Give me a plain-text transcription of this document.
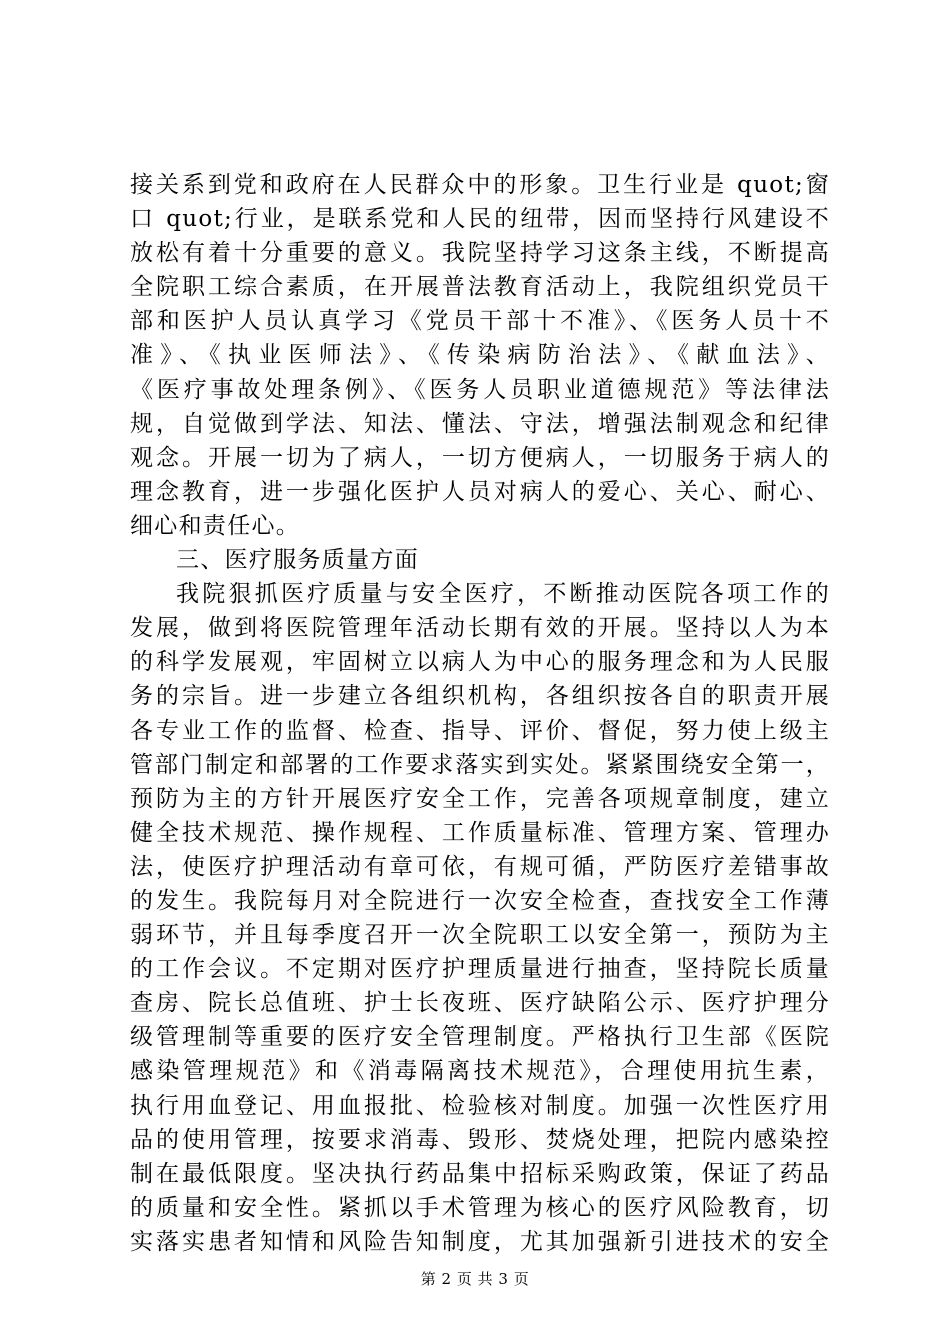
接关系到党和政府在人民群众中的形象。卫生行业是 quot;窗
口 quot;行业，是联系党和人民的纽带，因而坚持行风建设不
放松有着十分重要的意义。我院坚持学习这条主线，不断提高
全院职工综合素质，在开展普法教育活动上，我院组织党员干
部和医护人员认真学习《党员干部十不准》、《医务人员十不
准》、《执业医师法》、《传染病防治法》、《献血法》、
《医疗事故处理条例》、《医务人员职业道德规范》等法律法
规，自觉做到学法、知法、懂法、守法，增强法制观念和纪律
观念。开展一切为了病人，一切方便病人，一切服务于病人的
理念教育，进一步强化医护人员对病人的爱心、关心、耐心、
细心和责任心。
三、医疗服务质量方面
我院狠抓医疗质量与安全医疗，不断推动医院各项工作的
发展，做到将医院管理年活动长期有效的开展。坚持以人为本
的科学发展观，牢固树立以病人为中心的服务理念和为人民服
务的宗旨。进一步建立各组织机构，各组织按各自的职责开展
各专业工作的监督、检查、指导、评价、督促，努力使上级主
管部门制定和部署的工作要求落实到实处。紧紧围绕安全第一，
预防为主的方针开展医疗安全工作，完善各项规章制度，建立
健全技术规范、操作规程、工作质量标准、管理方案、管理办
法，使医疗护理活动有章可依，有规可循，严防医疗差错事故
的发生。我院每月对全院进行一次安全检查，查找安全工作薄
弱环节，并且每季度召开一次全院职工以安全第一，预防为主
的工作会议。不定期对医疗护理质量进行抽查，坚持院长质量
查房、院长总值班、护士长夜班、医疗缺陷公示、医疗护理分
级管理制等重要的医疗安全管理制度。严格执行卫生部《医院
感染管理规范》和《消毒隔离技术规范》，合理使用抗生素，
执行用血登记、用血报批、检验核对制度。加强一次性医疗用
品的使用管理，按要求消毒、毁形、焚烧处理，把院内感染控
制在最低限度。坚决执行药品集中招标采购政策，保证了药品
的质量和安全性。紧抓以手术管理为核心的医疗风险教育，切
实落实患者知情和风险告知制度，尤其加强新引进技术的安全
第 2 页 共 3 页
